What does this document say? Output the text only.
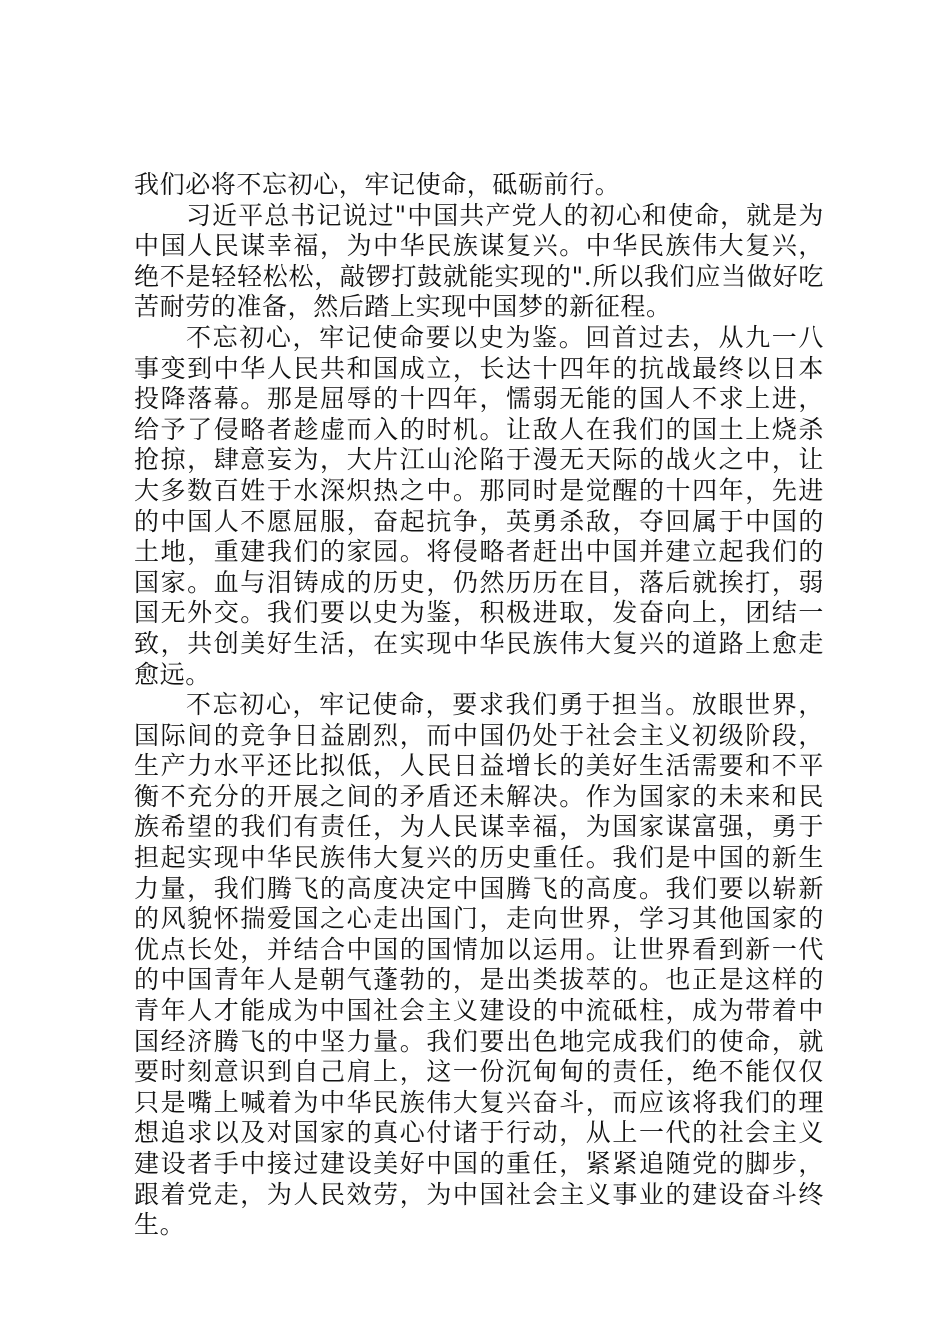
我们必将不忘初心，牢记使命，砥砺前行。

习近平总书记说过"中国共产党人的初心和使命，就是为中国人民谋幸福，为中华民族谋复兴。中华民族伟大复兴，绝不是轻轻松松，敲锣打鼓就能实现的".所以我们应当做好吃苦耐劳的准备，然后踏上实现中国梦的新征程。

不忘初心，牢记使命要以史为鉴。回首过去，从九一八事变到中华人民共和国成立，长达十四年的抗战最终以日本投降落幕。那是屈辱的十四年，懦弱无能的国人不求上进，给予了侵略者趁虚而入的时机。让敌人在我们的国土上烧杀抢掠，肆意妄为，大片江山沦陷于漫无天际的战火之中，让大多数百姓于水深炽热之中。那同时是觉醒的十四年，先进的中国人不愿屈服，奋起抗争，英勇杀敌，夺回属于中国的土地，重建我们的家园。将侵略者赶出中国并建立起我们的国家。血与泪铸成的历史，仍然历历在目，落后就挨打，弱国无外交。我们要以史为鉴，积极进取，发奋向上，团结一致，共创美好生活，在实现中华民族伟大复兴的道路上愈走愈远。

不忘初心，牢记使命，要求我们勇于担当。放眼世界，国际间的竞争日益剧烈，而中国仍处于社会主义初级阶段，生产力水平还比拟低，人民日益增长的美好生活需要和不平衡不充分的开展之间的矛盾还未解决。作为国家的未来和民族希望的我们有责任，为人民谋幸福，为国家谋富强，勇于担起实现中华民族伟大复兴的历史重任。我们是中国的新生力量，我们腾飞的高度决定中国腾飞的高度。我们要以崭新的风貌怀揣爱国之心走出国门，走向世界，学习其他国家的优点长处，并结合中国的国情加以运用。让世界看到新一代的中国青年人是朝气蓬勃的，是出类拔萃的。也正是这样的青年人才能成为中国社会主义建设的中流砥柱，成为带着中国经济腾飞的中坚力量。我们要出色地完成我们的使命，就要时刻意识到自己肩上，这一份沉甸甸的责任，绝不能仅仅只是嘴上喊着为中华民族伟大复兴奋斗，而应该将我们的理想追求以及对国家的真心付诸于行动，从上一代的社会主义建设者手中接过建设美好中国的重任，紧紧追随党的脚步，跟着党走，为人民效劳，为中国社会主义事业的建设奋斗终生。
